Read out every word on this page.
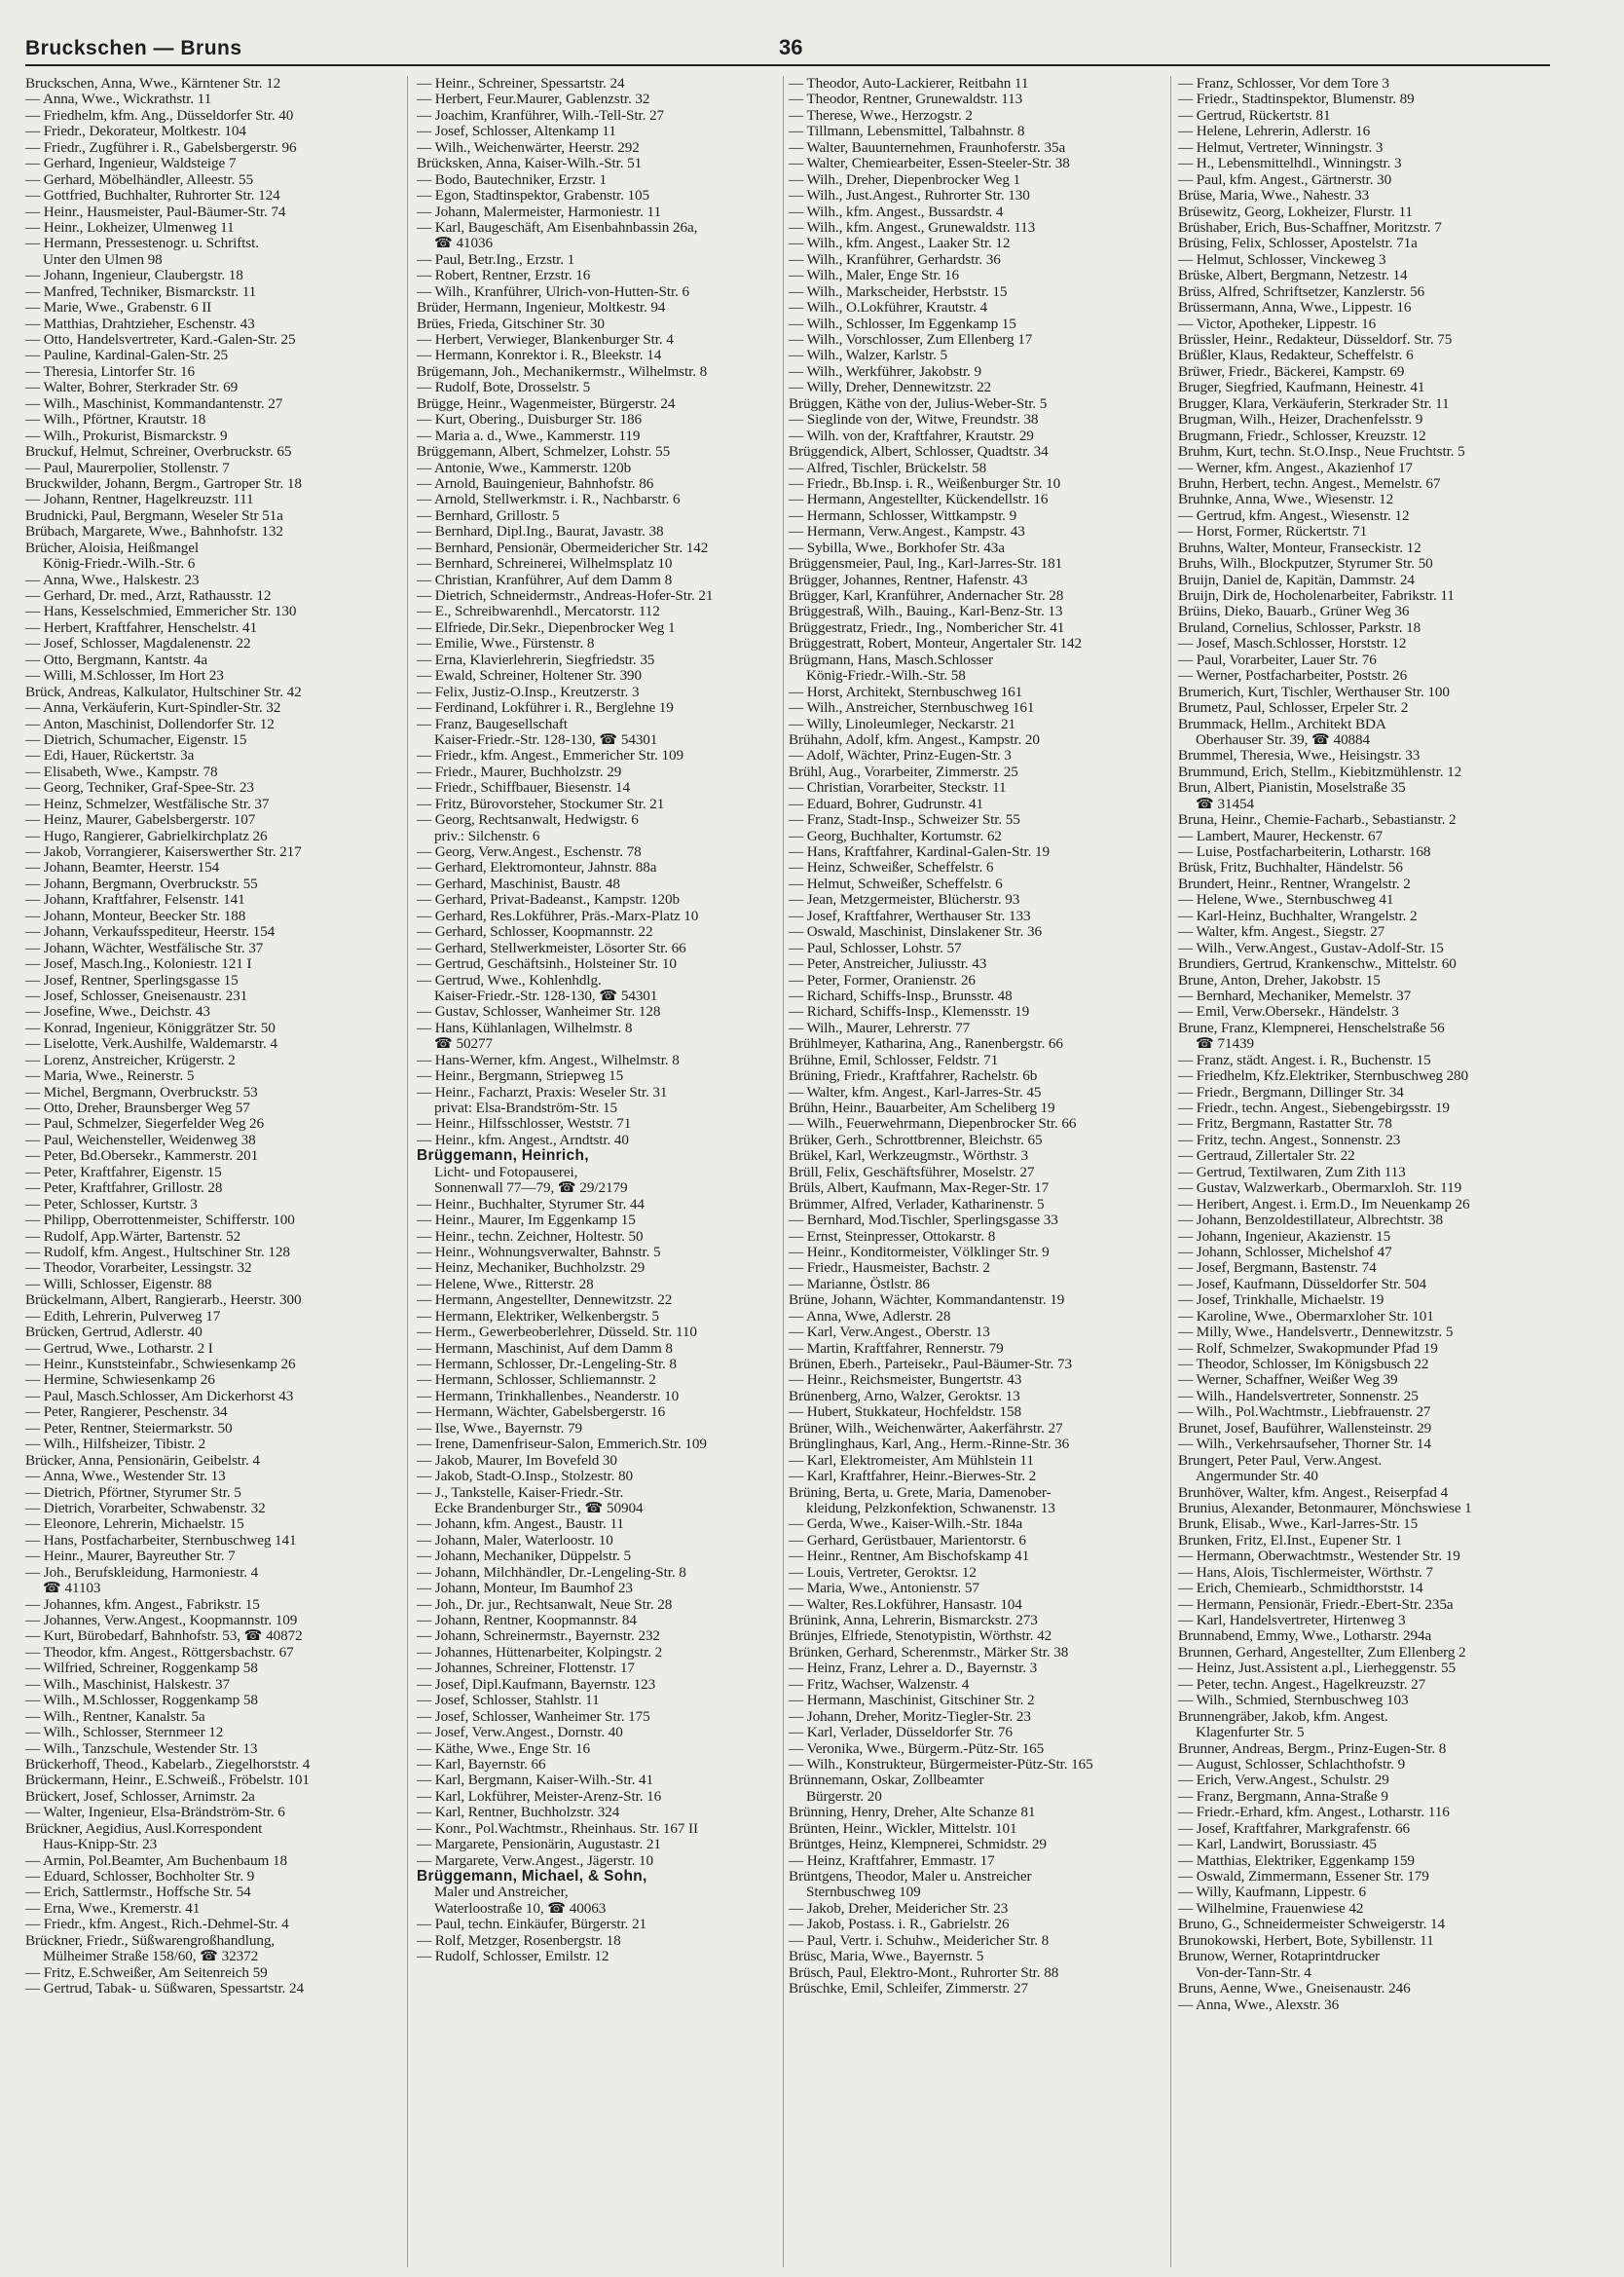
Bruckschen — Bruns	36
Bruckschen, Anna, Wwe., Kärntener Str. 12
— Anna, Wwe., Wickrathstr. 11
— Friedhelm, kfm. Ang., Düsseldorfer Str. 40
— Friedr., Dekorateur, Moltkestr. 104
— Friedr., Zugführer i. R., Gabelsbergerstr. 96
— Gerhard, Ingenieur, Waldsteige 7
— Gerhard, Möbelhändler, Alleestr. 55
— Gottfried, Buchhalter, Ruhrorter Str. 124
— Heinr., Hausmeister, Paul-Bäumer-Str. 74
— Heinr., Lokheizer, Ulmenweg 11
— Hermann, Pressestenogr. u. Schriftst.
Unter den Ulmen 98
— Johann, Ingenieur, Claubergstr. 18
— Manfred, Techniker, Bismarckstr. 11
— Marie, Wwe., Grabenstr. 6 II
— Matthias, Drahtzieher, Eschenstr. 43
— Otto, Handelsvertreter, Kard.-Galen-Str. 25
— Pauline, Kardinal-Galen-Str. 25
— Theresia, Lintorfer Str. 16
— Walter, Bohrer, Sterkrader Str. 69
— Wilh., Maschinist, Kommandantenstr. 27
— Wilh., Pförtner, Krautstr. 18
— Wilh., Prokurist, Bismarckstr. 9
Bruckuf, Helmut, Schreiner, Overbruckstr. 65
— Paul, Maurerpolier, Stollenstr. 7
Bruckwilder, Johann, Bergm., Gartroper Str. 18
— Johann, Rentner, Hagelkreuzstr. 111
Brudnicki, Paul, Bergmann, Weseler Str 51a
Brübach, Margarete, Wwe., Bahnhofstr. 132
Brücher, Aloisia, Heißmangel
König-Friedr.-Wilh.-Str. 6
— Anna, Wwe., Halskestr. 23
— Gerhard, Dr. med., Arzt, Rathausstr. 12
— Hans, Kesselschmied, Emmericher Str. 130
— Herbert, Kraftfahrer, Henschelstr. 41
— Josef, Schlosser, Magdalenenstr. 22
— Otto, Bergmann, Kantstr. 4a
— Willi, M.Schlosser, Im Hort 23
Brück, Andreas, Kalkulator, Hultschiner Str. 42
— Anna, Verkäuferin, Kurt-Spindler-Str. 32
— Anton, Maschinist, Dollendorfer Str. 12
— Dietrich, Schumacher, Eigenstr. 15
— Edi, Hauer, Rückertstr. 3a
— Elisabeth, Wwe., Kampstr. 78
— Georg, Techniker, Graf-Spee-Str. 23
— Heinz, Schmelzer, Westfälische Str. 37
— Heinz, Maurer, Gabelsbergerstr. 107
— Hugo, Rangierer, Gabrielkirchplatz 26
— Jakob, Vorrangierer, Kaiserswerther Str. 217
— Johann, Beamter, Heerstr. 154
— Johann, Bergmann, Overbruckstr. 55
— Johann, Kraftfahrer, Felsenstr. 141
— Johann, Monteur, Beecker Str. 188
— Johann, Verkaufsspediteur, Heerstr. 154
— Johann, Wächter, Westfälische Str. 37
— Josef, Masch.Ing., Koloniestr. 121 I
— Josef, Rentner, Sperlingsgasse 15
— Josef, Schlosser, Gneisenaustr. 231
— Josefine, Wwe., Deichstr. 43
— Konrad, Ingenieur, Königgrätzer Str. 50
— Liselotte, Verk.Aushilfe, Waldemarstr. 4
— Lorenz, Anstreicher, Krügerstr. 2
— Maria, Wwe., Reinerstr. 5
— Michel, Bergmann, Overbruckstr. 53
— Otto, Dreher, Braunsberger Weg 57
— Paul, Schmelzer, Siegerfelder Weg 26
— Paul, Weichensteller, Weidenweg 38
— Peter, Bd.Obersekr., Kammerstr. 201
— Peter, Kraftfahrer, Eigenstr. 15
— Peter, Kraftfahrer, Grillostr. 28
— Peter, Schlosser, Kurtstr. 3
— Philipp, Oberrottenmeister, Schifferstr. 100
— Rudolf, App.Wärter, Bartenstr. 52
— Rudolf, kfm. Angest., Hultschiner Str. 128
— Theodor, Vorarbeiter, Lessingstr. 32
— Willi, Schlosser, Eigenstr. 88
Brückelmann, Albert, Rangierarb., Heerstr. 300
— Edith, Lehrerin, Pulverweg 17
Brücken, Gertrud, Adlerstr. 40
— Gertrud, Wwe., Lotharstr. 2 I
— Heinr., Kunststeinfabr., Schwiesenkamp 26
— Hermine, Schwiesenkamp 26
— Paul, Masch.Schlosser, Am Dickerhorst 43
— Peter, Rangierer, Peschenstr. 34
— Peter, Rentner, Steiermarkstr. 50
— Wilh., Hilfsheizer, Tibistr. 2
Brücker, Anna, Pensionärin, Geibelstr. 4
— Anna, Wwe., Westender Str. 13
— Dietrich, Pförtner, Styrumer Str. 5
— Dietrich, Vorarbeiter, Schwabenstr. 32
— Eleonore, Lehrerin, Michaelstr. 15
— Hans, Postfacharbeiter, Sternbuschweg 141
— Heinr., Maurer, Bayreuther Str. 7
— Joh., Berufskleidung, Harmoniestr. 4
☎ 41103
— Johannes, kfm. Angest., Fabrikstr. 15
— Johannes, Verw.Angest., Koopmannstr. 109
— Kurt, Bürobedarf, Bahnhofstr. 53, ☎ 40872
— Theodor, kfm. Angest., Röttgersbachstr. 67
— Wilfried, Schreiner, Roggenkamp 58
— Wilh., Maschinist, Halskestr. 37
— Wilh., M.Schlosser, Roggenkamp 58
— Wilh., Rentner, Kanalstr. 5a
— Wilh., Schlosser, Sternmeer 12
— Wilh., Tanzschule, Westender Str. 13
Brückerhoff, Theod., Kabelarb., Ziegelhorststr. 4
Brückermann, Heinr., E.Schweiß., Fröbelstr. 101
Brückert, Josef, Schlosser, Arnimstr. 2a
— Walter, Ingenieur, Elsa-Brändström-Str. 6
Brückner, Aegidius, Ausl.Korrespondent
Haus-Knipp-Str. 23
— Armin, Pol.Beamter, Am Buchenbaum 18
— Eduard, Schlosser, Bochholter Str. 9
— Erich, Sattlermstr., Hoffsche Str. 54
— Erna, Wwe., Kremerstr. 41
— Friedr., kfm. Angest., Rich.-Dehmel-Str. 4
Brückner, Friedr., Süßwarengroßhandlung,
Mülheimer Straße 158/60, ☎ 32372
— Fritz, E.Schweißer, Am Seitenreich 59
— Gertrud, Tabak- u. Süßwaren, Spessartstr. 24
— Heinr., Schreiner, Spessartstr. 24
— Herbert, Feur.Maurer, Gablenzstr. 32
— Joachim, Kranführer, Wilh.-Tell-Str. 27
— Josef, Schlosser, Altenkamp 11
— Wilh., Weichenwärter, Heerstr. 292
Brücksken, Anna, Kaiser-Wilh.-Str. 51
— Bodo, Bautechniker, Erzstr. 1
— Egon, Stadtinspektor, Grabenstr. 105
— Johann, Malermeister, Harmoniestr. 11
— Karl, Baugeschäft, Am Eisenbahnbassin 26a,
☎ 41036
— Paul, Betr.Ing., Erzstr. 1
— Robert, Rentner, Erzstr. 16
— Wilh., Kranführer, Ulrich-von-Hutten-Str. 6
Brüder, Hermann, Ingenieur, Moltkestr. 94
Brües, Frieda, Gitschiner Str. 30
— Herbert, Verwieger, Blankenburger Str. 4
— Hermann, Konrektor i. R., Bleekstr. 14
Brügemann, Joh., Mechanikermstr., Wilhelmstr. 8
— Rudolf, Bote, Drosselstr. 5
Brügge, Heinr., Wagenmeister, Bürgerstr. 24
— Kurt, Obering., Duisburger Str. 186
— Maria a. d., Wwe., Kammerstr. 119
Brüggemann, Albert, Schmelzer, Lohstr. 55
— Antonie, Wwe., Kammerstr. 120b
— Arnold, Bauingenieur, Bahnhofstr. 86
— Arnold, Stellwerkmstr. i. R., Nachbarstr. 6
— Bernhard, Grillostr. 5
— Bernhard, Dipl.Ing., Baurat, Javastr. 38
— Bernhard, Pensionär, Obermeidericher Str. 142
— Bernhard, Schreinerei, Wilhelmsplatz 10
— Christian, Kranführer, Auf dem Damm 8
— Dietrich, Schneidermstr., Andreas-Hofer-Str. 21
— E., Schreibwarenhdl., Mercatorstr. 112
— Elfriede, Dir.Sekr., Diepenbrocker Weg 1
— Emilie, Wwe., Fürstenstr. 8
— Erna, Klavierlehrerin, Siegfriedstr. 35
— Ewald, Schreiner, Holtener Str. 390
— Felix, Justiz-O.Insp., Kreutzerstr. 3
— Ferdinand, Lokführer i. R., Berglehne 19
— Franz, Baugesellschaft
Kaiser-Friedr.-Str. 128-130, ☎ 54301
— Friedr., kfm. Angest., Emmericher Str. 109
— Friedr., Maurer, Buchholzstr. 29
— Friedr., Schiffbauer, Biesenstr. 14
— Fritz, Bürovorsteher, Stockumer Str. 21
— Georg, Rechtsanwalt, Hedwigstr. 6
priv.: Silchenstr. 6
— Georg, Verw.Angest., Eschenstr. 78
— Gerhard, Elektromonteur, Jahnstr. 88a
— Gerhard, Maschinist, Baustr. 48
— Gerhard, Privat-Badeanst., Kampstr. 120b
— Gerhard, Res.Lokführer, Präs.-Marx-Platz 10
— Gerhard, Schlosser, Koopmannstr. 22
— Gerhard, Stellwerkmeister, Lösorter Str. 66
— Gertrud, Geschäftsinh., Holsteiner Str. 10
— Gertrud, Wwe., Kohlenhdlg.
Kaiser-Friedr.-Str. 128-130, ☎ 54301
— Gustav, Schlosser, Wanheimer Str. 128
— Hans, Kühlanlagen, Wilhelmstr. 8
☎ 50277
— Hans-Werner, kfm. Angest., Wilhelmstr. 8
— Heinr., Bergmann, Striepweg 15
— Heinr., Facharzt, Praxis: Weseler Str. 31
privat: Elsa-Brandström-Str. 15
— Heinr., Hilfsschlosser, Weststr. 71
— Heinr., kfm. Angest., Arndtstr. 40
Brüggemann, Heinrich,
Licht- und Fotopauserei,
Sonnenwall 77—79, ☎ 29/2179
— Heinr., Buchhalter, Styrumer Str. 44
— Heinr., Maurer, Im Eggenkamp 15
— Heinr., techn. Zeichner, Holtestr. 50
— Heinr., Wohnungsverwalter, Bahnstr. 5
— Heinz, Mechaniker, Buchholzstr. 29
— Helene, Wwe., Ritterstr. 28
— Hermann, Angestellter, Dennewitzstr. 22
— Hermann, Elektriker, Welkenbergstr. 5
— Herm., Gewerbeoberlehrer, Düsseld. Str. 110
— Hermann, Maschinist, Auf dem Damm 8
— Hermann, Schlosser, Dr.-Lengeling-Str. 8
— Hermann, Schlosser, Schliemannstr. 2
— Hermann, Trinkhallenbes., Neanderstr. 10
— Hermann, Wächter, Gabelsbergerstr. 16
— Ilse, Wwe., Bayernstr. 79
— Irene, Damenfriseur-Salon, Emmerich.Str. 109
— Jakob, Maurer, Im Bovefeld 30
— Jakob, Stadt-O.Insp., Stolzestr. 80
— J., Tankstelle, Kaiser-Friedr.-Str.
Ecke Brandenburger Str., ☎ 50904
— Johann, kfm. Angest., Baustr. 11
— Johann, Maler, Waterloostr. 10
— Johann, Mechaniker, Düppelstr. 5
— Johann, Milchhändler, Dr.-Lengeling-Str. 8
— Johann, Monteur, Im Baumhof 23
— Joh., Dr. jur., Rechtsanwalt, Neue Str. 28
— Johann, Rentner, Koopmannstr. 84
— Johann, Schreinermstr., Bayernstr. 232
— Johannes, Hüttenarbeiter, Kolpingstr. 2
— Johannes, Schreiner, Flottenstr. 17
— Josef, Dipl.Kaufmann, Bayernstr. 123
— Josef, Schlosser, Stahlstr. 11
— Josef, Schlosser, Wanheimer Str. 175
— Josef, Verw.Angest., Dornstr. 40
— Käthe, Wwe., Enge Str. 16
— Karl, Bayernstr. 66
— Karl, Bergmann, Kaiser-Wilh.-Str. 41
— Karl, Lokführer, Meister-Arenz-Str. 16
— Karl, Rentner, Buchholzstr. 324
— Konr., Pol.Wachtmstr., Rheinhaus. Str. 167 II
— Margarete, Pensionärin, Augustastr. 21
— Margarete, Verw.Angest., Jägerstr. 10
Brüggemann, Michael, & Sohn,
Maler und Anstreicher,
Waterloostraße 10, ☎ 40063
— Paul, techn. Einkäufer, Bürgerstr. 21
— Rolf, Metzger, Rosenbergstr. 18
— Rudolf, Schlosser, Emilstr. 12
— Theodor, Auto-Lackierer, Reitbahn 11
— Theodor, Rentner, Grunewaldstr. 113
— Therese, Wwe., Herzogstr. 2
— Tillmann, Lebensmittel, Talbahnstr. 8
— Walter, Bauunternehmen, Fraunhoferstr. 35a
— Walter, Chemiearbeiter, Essen-Steeler-Str. 38
— Wilh., Dreher, Diepenbrocker Weg 1
— Wilh., Just.Angest., Ruhrorter Str. 130
— Wilh., kfm. Angest., Bussardstr. 4
— Wilh., kfm. Angest., Grunewaldstr. 113
— Wilh., kfm. Angest., Laaker Str. 12
— Wilh., Kranführer, Gerhardstr. 36
— Wilh., Maler, Enge Str. 16
— Wilh., Markscheider, Herbststr. 15
— Wilh., O.Lokführer, Krautstr. 4
— Wilh., Schlosser, Im Eggenkamp 15
— Wilh., Vorschlosser, Zum Ellenberg 17
— Wilh., Walzer, Karlstr. 5
— Wilh., Werkführer, Jakobstr. 9
— Willy, Dreher, Dennewitzstr. 22
Brüggen, Käthe von der, Julius-Weber-Str. 5
— Sieglinde von der, Witwe, Freundstr. 38
— Wilh. von der, Kraftfahrer, Krautstr. 29
Brüggendick, Albert, Schlosser, Quadtstr. 34
— Alfred, Tischler, Brückelstr. 58
— Friedr., Bb.Insp. i. R., Weißenburger Str. 10
— Hermann, Angestellter, Kückendellstr. 16
— Hermann, Schlosser, Wittkampstr. 9
— Hermann, Verw.Angest., Kampstr. 43
— Sybilla, Wwe., Borkhofer Str. 43a
Brüggensmeier, Paul, Ing., Karl-Jarres-Str. 181
Brügger, Johannes, Rentner, Hafenstr. 43
Brügger, Karl, Kranführer, Andernacher Str. 28
Brüggestraß, Wilh., Bauing., Karl-Benz-Str. 13
Brüggestratz, Friedr., Ing., Nombericher Str. 41
Brüggestratt, Robert, Monteur, Angertaler Str. 142
Brügmann, Hans, Masch.Schlosser
König-Friedr.-Wilh.-Str. 58
— Horst, Architekt, Sternbuschweg 161
— Wilh., Anstreicher, Sternbuschweg 161
— Willy, Linoleumleger, Neckarstr. 21
Brühahn, Adolf, kfm. Angest., Kampstr. 20
— Adolf, Wächter, Prinz-Eugen-Str. 3
Brühl, Aug., Vorarbeiter, Zimmerstr. 25
— Christian, Vorarbeiter, Steckstr. 11
— Eduard, Bohrer, Gudrunstr. 41
— Franz, Stadt-Insp., Schweizer Str. 55
— Georg, Buchhalter, Kortumstr. 62
— Hans, Kraftfahrer, Kardinal-Galen-Str. 19
— Heinz, Schweißer, Scheffelstr. 6
— Helmut, Schweißer, Scheffelstr. 6
— Jean, Metzgermeister, Blücherstr. 93
— Josef, Kraftfahrer, Werthauser Str. 133
— Oswald, Maschinist, Dinslakener Str. 36
— Paul, Schlosser, Lohstr. 57
— Peter, Anstreicher, Juliusstr. 43
— Peter, Former, Oranienstr. 26
— Richard, Schiffs-Insp., Brunsstr. 48
— Richard, Schiffs-Insp., Klemensstr. 19
— Wilh., Maurer, Lehrerstr. 77
Brühlmeyer, Katharina, Ang., Ranenbergstr. 66
Brühne, Emil, Schlosser, Feldstr. 71
Brüning, Friedr., Kraftfahrer, Rachelstr. 6b
— Walter, kfm. Angest., Karl-Jarres-Str. 45
Brühn, Heinr., Bauarbeiter, Am Scheliberg 19
— Wilh., Feuerwehrmann, Diepenbrocker Str. 66
Brüker, Gerh., Schrottbrenner, Bleichstr. 65
Brükel, Karl, Werkzeugmstr., Wörthstr. 3
Brüll, Felix, Geschäftsführer, Moselstr. 27
Brüls, Albert, Kaufmann, Max-Reger-Str. 17
Brümmer, Alfred, Verlader, Katharinenstr. 5
— Bernhard, Mod.Tischler, Sperlingsgasse 33
— Ernst, Steinpresser, Ottokarstr. 8
— Heinr., Konditormeister, Völklinger Str. 9
— Friedr., Hausmeister, Bachstr. 2
— Marianne, Östlstr. 86
Brüne, Johann, Wächter, Kommandantenstr. 19
— Anna, Wwe, Adlerstr. 28
— Karl, Verw.Angest., Oberstr. 13
— Martin, Kraftfahrer, Rennerstr. 79
Brünen, Eberh., Parteisekr., Paul-Bäumer-Str. 73
— Heinr., Reichsmeister, Bungertstr. 43
Brünenberg, Arno, Walzer, Geroktsr. 13
— Hubert, Stukkateur, Hochfeldstr. 158
Brüner, Wilh., Weichenwärter, Aakerfährstr. 27
Brünglinghaus, Karl, Ang., Herm.-Rinne-Str. 36
— Karl, Elektromeister, Am Mühlstein 11
— Karl, Kraftfahrer, Heinr.-Bierwes-Str. 2
Brüning, Berta, u. Grete, Maria, Damenober-
kleidung, Pelzkonfektion, Schwanenstr. 13
— Gerda, Wwe., Kaiser-Wilh.-Str. 184a
— Gerhard, Gerüstbauer, Marientorstr. 6
— Heinr., Rentner, Am Bischofskamp 41
— Louis, Vertreter, Geroktsr. 12
— Maria, Wwe., Antonienstr. 57
— Walter, Res.Lokführer, Hansastr. 104
Brünink, Anna, Lehrerin, Bismarckstr. 273
Brünjes, Elfriede, Stenotypistin, Wörthstr. 42
Brünken, Gerhard, Scherenmstr., Märker Str. 38
— Heinz, Franz, Lehrer a. D., Bayernstr. 3
— Fritz, Wachser, Walzenstr. 4
— Hermann, Maschinist, Gitschiner Str. 2
— Johann, Dreher, Moritz-Tiegler-Str. 23
— Karl, Verlader, Düsseldorfer Str. 76
— Veronika, Wwe., Bürgerm.-Pütz-Str. 165
— Wilh., Konstrukteur, Bürgermeister-Pütz-Str. 165
Brünnemann, Oskar, Zollbeamter
Bürgerstr. 20
Brünning, Henry, Dreher, Alte Schanze 81
Brünten, Heinr., Wickler, Mittelstr. 101
Brüntges, Heinz, Klempnerei, Schmidstr. 29
— Heinz, Kraftfahrer, Emmastr. 17
Brüntgens, Theodor, Maler u. Anstreicher
Sternbuschweg 109
— Jakob, Dreher, Meidericher Str. 23
— Jakob, Postass. i. R., Gabrielstr. 26
— Paul, Vertr. i. Schuhw., Meidericher Str. 8
Brüsc, Maria, Wwe., Bayernstr. 5
Brüsch, Paul, Elektro-Mont., Ruhrorter Str. 88
Brüschke, Emil, Schleifer, Zimmerstr. 27
— Franz, Schlosser, Vor dem Tore 3
— Friedr., Stadtinspektor, Blumenstr. 89
— Gertrud, Rückertstr. 81
— Helene, Lehrerin, Adlerstr. 16
— Helmut, Vertreter, Winningstr. 3
— H., Lebensmittelhdl., Winningstr. 3
— Paul, kfm. Angest., Gärtnerstr. 30
Brüse, Maria, Wwe., Nahestr. 33
Brüsewitz, Georg, Lokheizer, Flurstr. 11
Brüshaber, Erich, Bus-Schaffner, Moritzstr. 7
Brüsing, Felix, Schlosser, Apostelstr. 71a
— Helmut, Schlosser, Vinckeweg 3
Brüske, Albert, Bergmann, Netzestr. 14
Brüss, Alfred, Schriftsetzer, Kanzlerstr. 56
Brüssermann, Anna, Wwe., Lippestr. 16
— Victor, Apotheker, Lippestr. 16
Brüssler, Heinr., Redakteur, Düsseldorf. Str. 75
Brüßler, Klaus, Redakteur, Scheffelstr. 6
Brüwer, Friedr., Bäckerei, Kampstr. 69
Bruger, Siegfried, Kaufmann, Heinestr. 41
Brugger, Klara, Verkäuferin, Sterkrader Str. 11
Brugman, Wilh., Heizer, Drachenfelsstr. 9
Brugmann, Friedr., Schlosser, Kreuzstr. 12
Bruhm, Kurt, techn. St.O.Insp., Neue Fruchtstr. 5
— Werner, kfm. Angest., Akazienhof 17
Bruhn, Herbert, techn. Angest., Memelstr. 67
Bruhnke, Anna, Wwe., Wiesenstr. 12
— Gertrud, kfm. Angest., Wiesenstr. 12
— Horst, Former, Rückertstr. 71
Bruhns, Walter, Monteur, Franseckistr. 12
Bruhs, Wilh., Blockputzer, Styrumer Str. 50
Bruijn, Daniel de, Kapitän, Dammstr. 24
Bruijn, Dirk de, Hocholenarbeiter, Fabrikstr. 11
Brüins, Dieko, Bauarb., Grüner Weg 36
Bruland, Cornelius, Schlosser, Parkstr. 18
— Josef, Masch.Schlosser, Horststr. 12
— Paul, Vorarbeiter, Lauer Str. 76
— Werner, Postfacharbeiter, Poststr. 26
Brumerich, Kurt, Tischler, Werthauser Str. 100
Brumetz, Paul, Schlosser, Erpeler Str. 2
Brummack, Hellm., Architekt BDA
Oberhauser Str. 39, ☎ 40884
Brummel, Theresia, Wwe., Heisingstr. 33
Brummund, Erich, Stellm., Kiebitzmühlenstr. 12
Brun, Albert, Pianistin, Moselstraße 35
☎ 31454
Bruna, Heinr., Chemie-Facharb., Sebastianstr. 2
— Lambert, Maurer, Heckenstr. 67
— Luise, Postfacharbeiterin, Lotharstr. 168
Brüsk, Fritz, Buchhalter, Händelstr. 56
Brundert, Heinr., Rentner, Wrangelstr. 2
— Helene, Wwe., Sternbuschweg 41
— Karl-Heinz, Buchhalter, Wrangelstr. 2
— Walter, kfm. Angest., Siegstr. 27
— Wilh., Verw.Angest., Gustav-Adolf-Str. 15
Brundiers, Gertrud, Krankenschw., Mittelstr. 60
Brune, Anton, Dreher, Jakobstr. 15
— Bernhard, Mechaniker, Memelstr. 37
— Emil, Verw.Obersekr., Händelstr. 3
Brune, Franz, Klempnerei, Henschelstraße 56
☎ 71439
— Franz, städt. Angest. i. R., Buchenstr. 15
— Friedhelm, Kfz.Elektriker, Sternbuschweg 280
— Friedr., Bergmann, Dillinger Str. 34
— Friedr., techn. Angest., Siebengebirgsstr. 19
— Fritz, Bergmann, Rastatter Str. 78
— Fritz, techn. Angest., Sonnenstr. 23
— Gertraud, Zillertaler Str. 22
— Gertrud, Textilwaren, Zum Zith 113
— Gustav, Walzwerkarb., Obermarxloh. Str. 119
— Heribert, Angest. i. Erm.D., Im Neuenkamp 26
— Johann, Benzoldestillateur, Albrechtstr. 38
— Johann, Ingenieur, Akazienstr. 15
— Johann, Schlosser, Michelshof 47
— Josef, Bergmann, Bastenstr. 74
— Josef, Kaufmann, Düsseldorfer Str. 504
— Josef, Trinkhalle, Michaelstr. 19
— Karoline, Wwe., Obermarxloher Str. 101
— Milly, Wwe., Handelsvertr., Dennewitzstr. 5
— Rolf, Schmelzer, Swakopmunder Pfad 19
— Theodor, Schlosser, Im Königsbusch 22
— Werner, Schaffner, Weißer Weg 39
— Wilh., Handelsvertreter, Sonnenstr. 25
— Wilh., Pol.Wachtmstr., Liebfrauenstr. 27
Brunet, Josef, Bauführer, Wallensteinstr. 29
— Wilh., Verkehrsaufseher, Thorner Str. 14
Brungert, Peter Paul, Verw.Angest.
Angermunder Str. 40
Brunhöver, Walter, kfm. Angest., Reiserpfad 4
Brunius, Alexander, Betonmaurer, Mönchswiese 1
Brunk, Elisab., Wwe., Karl-Jarres-Str. 15
Brunken, Fritz, El.Inst., Eupener Str. 1
— Hermann, Oberwachtmstr., Westender Str. 19
— Hans, Alois, Tischlermeister, Wörthstr. 7
— Erich, Chemiearb., Schmidthorststr. 14
— Hermann, Pensionär, Friedr.-Ebert-Str. 235a
— Karl, Handelsvertreter, Hirtenweg 3
Brunnabend, Emmy, Wwe., Lotharstr. 294a
Brunnen, Gerhard, Angestellter, Zum Ellenberg 2
— Heinz, Just.Assistent a.pl., Lierheggenstr. 55
— Peter, techn. Angest., Hagelkreuzstr. 27
— Wilh., Schmied, Sternbuschweg 103
Brunnengräber, Jakob, kfm. Angest.
Klagenfurter Str. 5
Brunner, Andreas, Bergm., Prinz-Eugen-Str. 8
— August, Schlosser, Schlachthofstr. 9
— Erich, Verw.Angest., Schulstr. 29
— Franz, Bergmann, Anna-Straße 9
— Friedr.-Erhard, kfm. Angest., Lotharstr. 116
— Josef, Kraftfahrer, Markgrafenstr. 66
— Karl, Landwirt, Borussiastr. 45
— Matthias, Elektriker, Eggenkamp 159
— Oswald, Zimmermann, Essener Str. 179
— Willy, Kaufmann, Lippestr. 6
— Wilhelmine, Frauenwiese 42
Bruno, G., Schneidermeister Schweigerstr. 14
Brunokowski, Herbert, Bote, Sybillenstr. 11
Brunow, Werner, Rotaprintdrucker
Von-der-Tann-Str. 4
Bruns, Aenne, Wwe., Gneisenaustr. 246
— Anna, Wwe., Alexstr. 36
